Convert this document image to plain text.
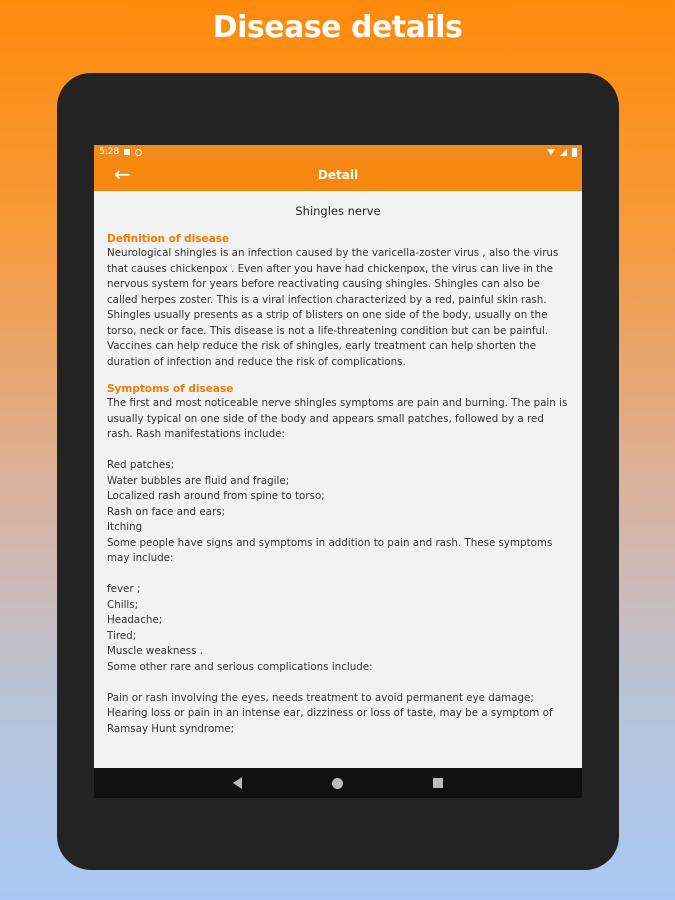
Disease details
5:28
←	Detail
Shingles nerve

Definition of disease

Neurological shingles is an infection caused by the varicella-zoster virus , also the virus that causes chickenpox . Even after you have had chickenpox, the virus can live in the nervous system for years before reactivating causing shingles. Shingles can also be called herpes zoster. This is a viral infection characterized by a red, painful skin rash. Shingles usually presents as a strip of blisters on one side of the body, usually on the torso, neck or face. This disease is not a life-threatening condition but can be painful. Vaccines can help reduce the risk of shingles, early treatment can help shorten the duration of infection and reduce the risk of complications.

Symptoms of disease

The first and most noticeable nerve shingles symptoms are pain and burning. The pain is usually typical on one side of the body and appears small patches, followed by a red rash. Rash manifestations include:

Red patches;

Water bubbles are fluid and fragile;

Localized rash around from spine to torso;

Rash on face and ears;

Itching

Some people have signs and symptoms in addition to pain and rash. These symptoms may include:

fever ;

Chills;

Headache;

Tired;

Muscle weakness .

Some other rare and serious complications include:

Pain or rash involving the eyes, needs treatment to avoid permanent eye damage;

Hearing loss or pain in an intense ear, dizziness or loss of taste, may be a symptom of Ramsay Hunt syndrome;
